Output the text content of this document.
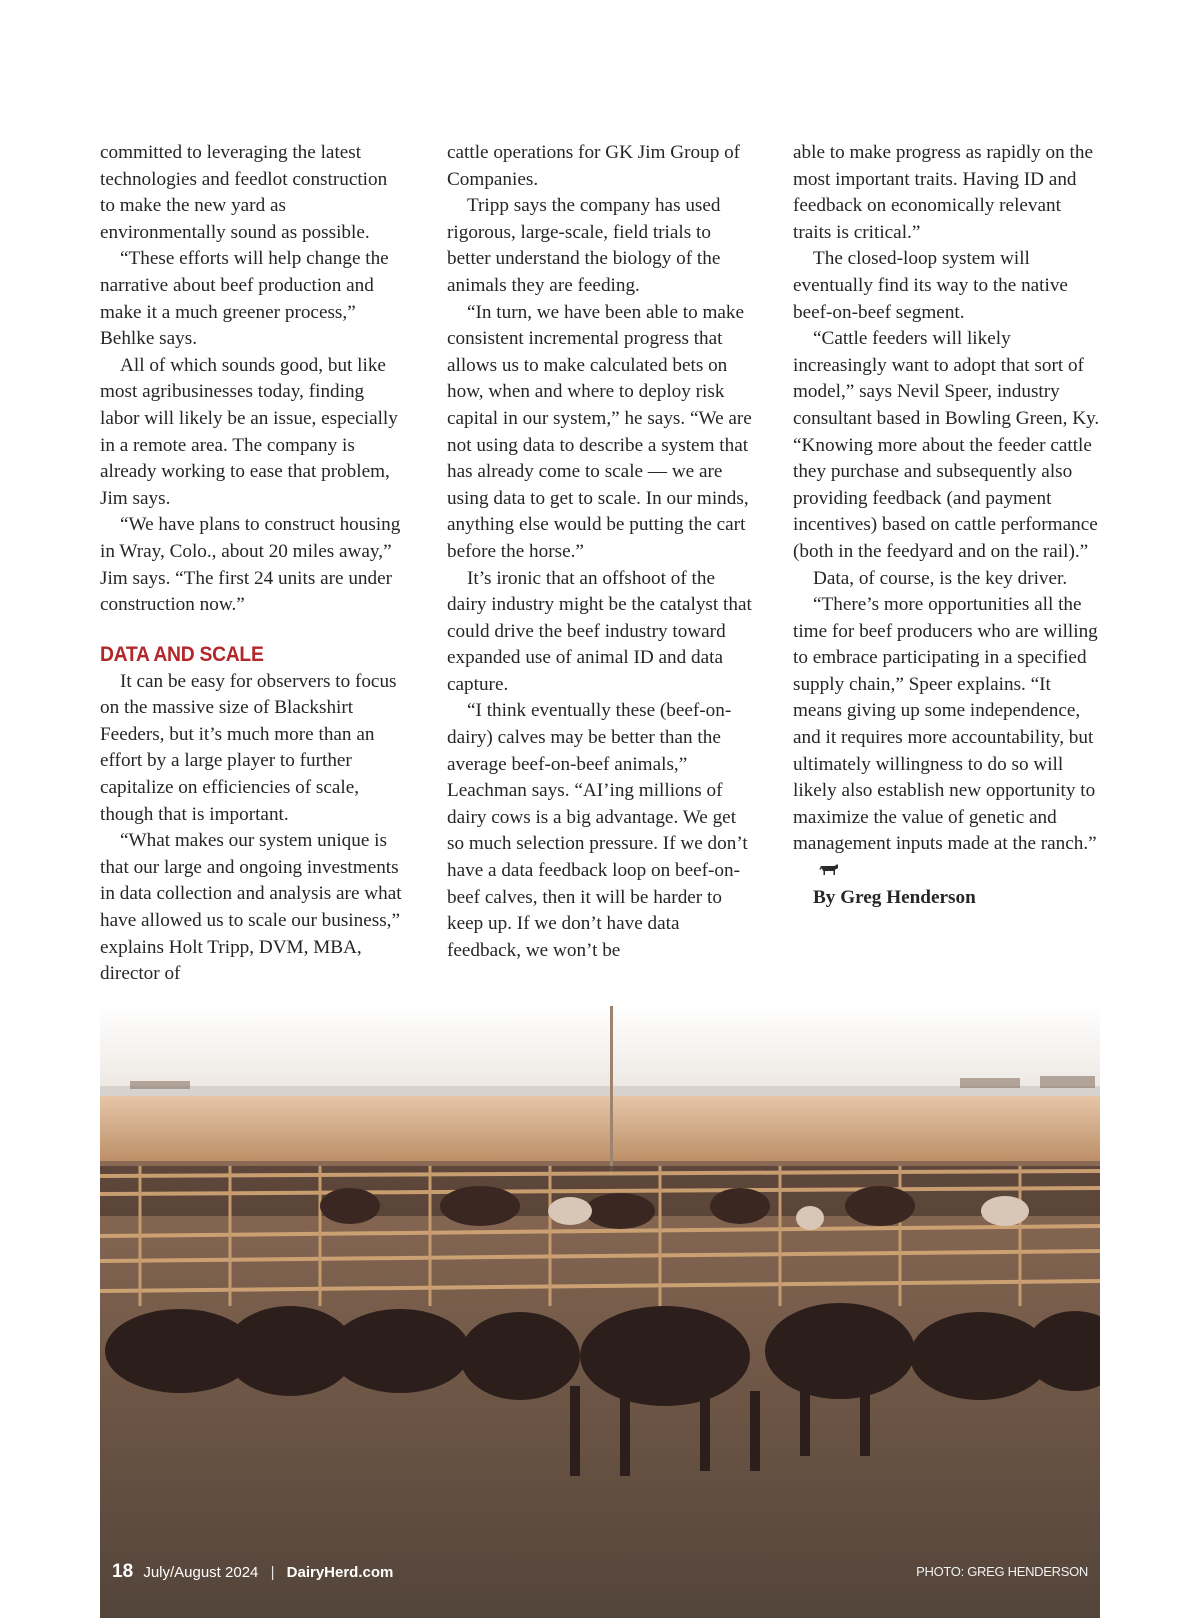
committed to leveraging the latest technologies and feedlot construction to make the new yard as environmentally sound as possible.

“These efforts will help change the narrative about beef production and make it a much greener process,” Behlke says.

All of which sounds good, but like most agribusinesses today, finding labor will likely be an issue, especially in a remote area. The company is already working to ease that problem, Jim says.

“We have plans to construct housing in Wray, Colo., about 20 miles away,” Jim says. “The first 24 units are under construction now.”

DATA AND SCALE

It can be easy for observers to focus on the massive size of Blackshirt Feeders, but it’s much more than an effort by a large player to further capitalize on efficiencies of scale, though that is important.

“What makes our system unique is that our large and ongoing investments in data collection and analysis are what have allowed us to scale our business,” explains Holt Tripp, DVM, MBA, director of

cattle operations for GK Jim Group of Companies.

Tripp says the company has used rigorous, large-scale, field trials to better understand the biology of the animals they are feeding.

“In turn, we have been able to make consistent incremental progress that allows us to make calculated bets on how, when and where to deploy risk capital in our system,” he says. “We are not using data to describe a system that has already come to scale — we are using data to get to scale. In our minds, anything else would be putting the cart before the horse.”

It’s ironic that an offshoot of the dairy industry might be the catalyst that could drive the beef industry toward expanded use of animal ID and data capture.

“I think eventually these (beef-on-dairy) calves may be better than the average beef-on-beef animals,” Leachman says. “AI’ing millions of dairy cows is a big advantage. We get so much selection pressure. If we don’t have a data feedback loop on beef-on-beef calves, then it will be harder to keep up. If we don’t have data feedback, we won’t be

able to make progress as rapidly on the most important traits. Having ID and feedback on economically relevant traits is critical.”

The closed-loop system will eventually find its way to the native beef-on-beef segment.

“Cattle feeders will likely increasingly want to adopt that sort of model,” says Nevil Speer, industry consultant based in Bowling Green, Ky. “Knowing more about the feeder cattle they purchase and subsequently also providing feedback (and payment incentives) based on cattle performance (both in the feedyard and on the rail).”

Data, of course, is the key driver.

“There’s more opportunities all the time for beef producers who are willing to embrace participating in a specified supply chain,” Speer explains. “It means giving up some independence, and it requires more accountability, but ultimately willingness to do so will likely also establish new opportunity to maximize the value of genetic and management inputs made at the ranch.”

By Greg Henderson

18 July/August 2024 | DairyHerd.com	PHOTO: GREG HENDERSON
